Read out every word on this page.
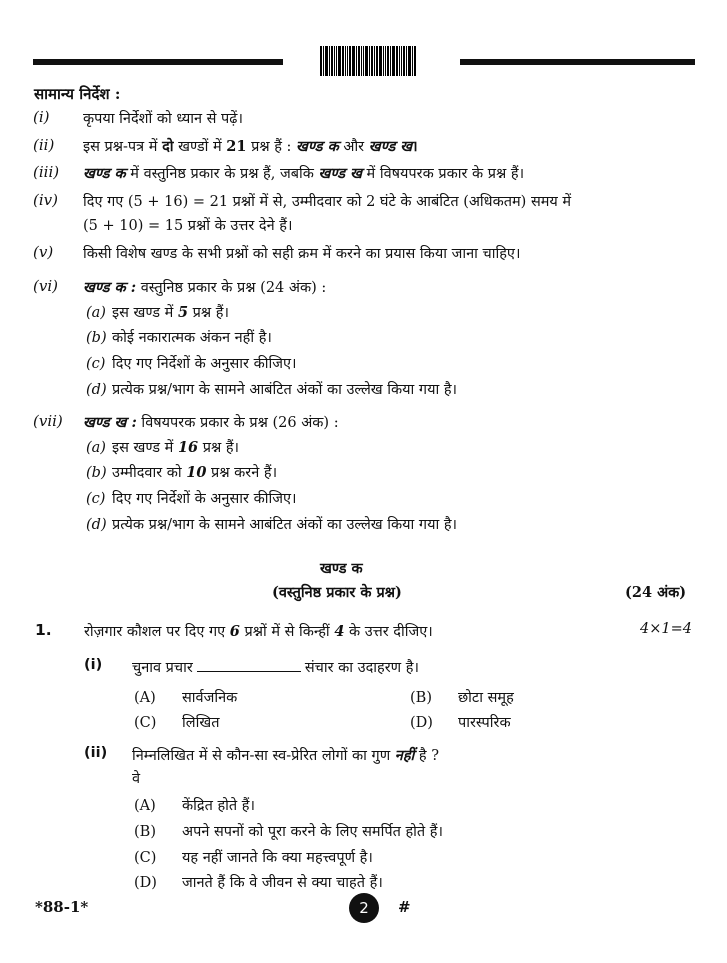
सामान्य निर्देश :
(i) कृपया निर्देशों को ध्यान से पढ़ें।
(ii) इस प्रश्न-पत्र में दो खण्डों में 21 प्रश्न हैं : खण्ड क और खण्ड ख।
(iii) खण्ड क में वस्तुनिष्ठ प्रकार के प्रश्न हैं, जबकि खण्ड ख में विषयपरक प्रकार के प्रश्न हैं।
(iv) दिए गए (5 + 16) = 21 प्रश्नों में से, उम्मीदवार को 2 घंटे के आबंटित (अधिकतम) समय में
(5 + 10) = 15 प्रश्नों के उत्तर देने हैं।
(v) किसी विशेष खण्ड के सभी प्रश्नों को सही क्रम में करने का प्रयास किया जाना चाहिए।
(vi) खण्ड क : वस्तुनिष्ठ प्रकार के प्रश्न (24 अंक) :
(a) इस खण्ड में 5 प्रश्न हैं।
(b) कोई नकारात्मक अंकन नहीं है।
(c) दिए गए निर्देशों के अनुसार कीजिए।
(d) प्रत्येक प्रश्न/भाग के सामने आबंटित अंकों का उल्लेख किया गया है।
(vii) खण्ड ख : विषयपरक प्रकार के प्रश्न (26 अंक) :
(a) इस खण्ड में 16 प्रश्न हैं।
(b) उम्मीदवार को 10 प्रश्न करने हैं।
(c) दिए गए निर्देशों के अनुसार कीजिए।
(d) प्रत्येक प्रश्न/भाग के सामने आबंटित अंकों का उल्लेख किया गया है।
खण्ड क
(वस्तुनिष्ठ प्रकार के प्रश्न)	(24 अंक)
1. रोज़गार कौशल पर दिए गए 6 प्रश्नों में से किन्हीं 4 के उत्तर दीजिए।	4×1=4
(i) चुनाव प्रचार	संचार का उदाहरण है।
(A) सार्वजनिक	(B) छोटा समूह
(C) लिखित	(D) पारस्परिक
(ii) निम्नलिखित में से कौन-सा स्व-प्रेरित लोगों का गुण नहीं है ?
वे
(A) केंद्रित होते हैं।
(B) अपने सपनों को पूरा करने के लिए समर्पित होते हैं।
(C) यह नहीं जानते कि क्या महत्त्वपूर्ण है।
(D) जानते हैं कि वे जीवन से क्या चाहते हैं।
*88-1*	2	#
